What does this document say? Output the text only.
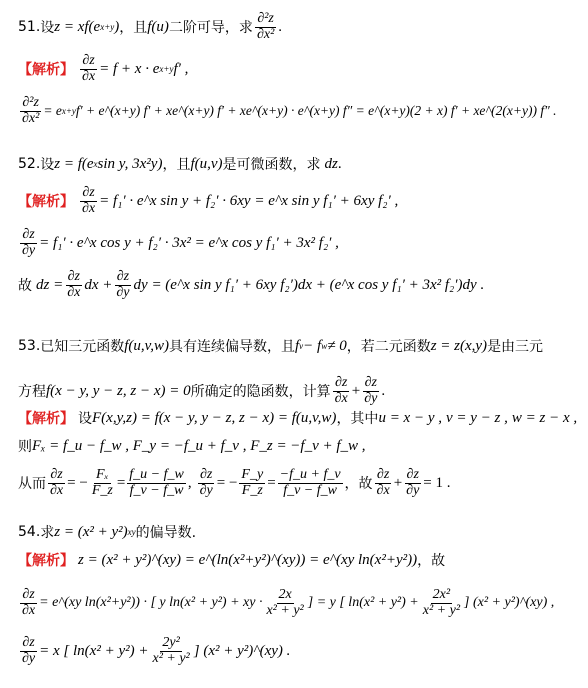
51. 设 z = xf(e x+y ) ，且 f(u) 二阶可导，求 $\frac{\text{∂²z}}{\text{∂x²}}$ .
【解析】 $\frac{\partial z}{\partial x} = f + x \cdot e$ x+y f′ ,
$\frac{\text{∂²z}}{\text{∂x²}} = e$ x+y f′ + e^(x+y) f′ + xe^(x+y) f′ + xe^(x+y) · e^(x+y) f″ = e^(x+y)(2 + x) f′ + xe^(2(x+y)) f″ .
52. 设 z = f(e x sin y, 3x²y) ，且 f(u,v) 是可微函数，求 dz .
【解析】 $\frac{\partial z}{\partial x} = f_1'$ · e^x sin y + f₂′ · 6xy = e^x sin y f₁′ + 6xy f₂′ ,
$\frac{\partial z}{\partial y} = f_1'$ · e^x cos y + f₂′ · 3x² = e^x cos y f₁′ + 3x² f₂′ ,
故 dz = $\frac{\partial z}{\partial x}$ dx + $\frac{\partial z}{\partial y}$ dy = (e^x sin y f₁′ + 6xy f₂′)dx + (e^x cos y f₁′ + 3x² f₂′)dy .
53. 已知三元函数 f(u,v,w) 具有连续偏导数，且 f v − f w ≠ 0 ，若二元函数 z = z(x,y) 是由三元
方程 f(x − y, y − z, z − x) = 0 所确定的隐函数，计算 $\frac{\partial z}{\partial x} + \frac{\partial z}{\partial y}$ .
【解析】 设 F(x,y,z) = f(x − y, y − z, z − x) = f(u,v,w) ，其中 u = x − y , v = y − z , w = z − x ,
则 Fₓ = f_u − f_w , F_y = −f_u + f_v , F_z = −f_v + f_w ,
从而 $\frac{\partial z}{\partial x}$ = − $\frac{\text{Fₓ}}{F\_z} = \frac{f\_u - f\_w}{f\_v - f\_w}$ , $\frac{\partial z}{\partial y}$ = − $\frac{F\_y}{F\_z} = \frac{-f\_u + f\_v}{f\_v - f\_w}$ ，故 $\frac{\partial z}{\partial x} + \frac{\partial z}{\partial y} = 1$ .
54. 求 z = (x² + y²) xy 的偏导数.
【解析】 z = (x² + y²)^(xy) = e^(ln(x²+y²)^(xy)) = e^(xy ln(x²+y²)) ，故
$\frac{\partial z}{\partial x}$ = e^(xy ln(x²+y²)) · [ y ln(x² + y²) + xy · $\frac{2x}{\text{x² + y²}}$ ] = y [ $\ln(x^2 + y^2) + \frac{\text{2x²}}{\text{x² + y²}}$ ] (x² + y²)^(xy) ,
$\frac{\partial z}{\partial y} = x$ [ $\ln(x^2 + y^2) + \frac{\text{2y²}}{\text{x² + y²}}$ ] (x² + y²)^(xy) .
